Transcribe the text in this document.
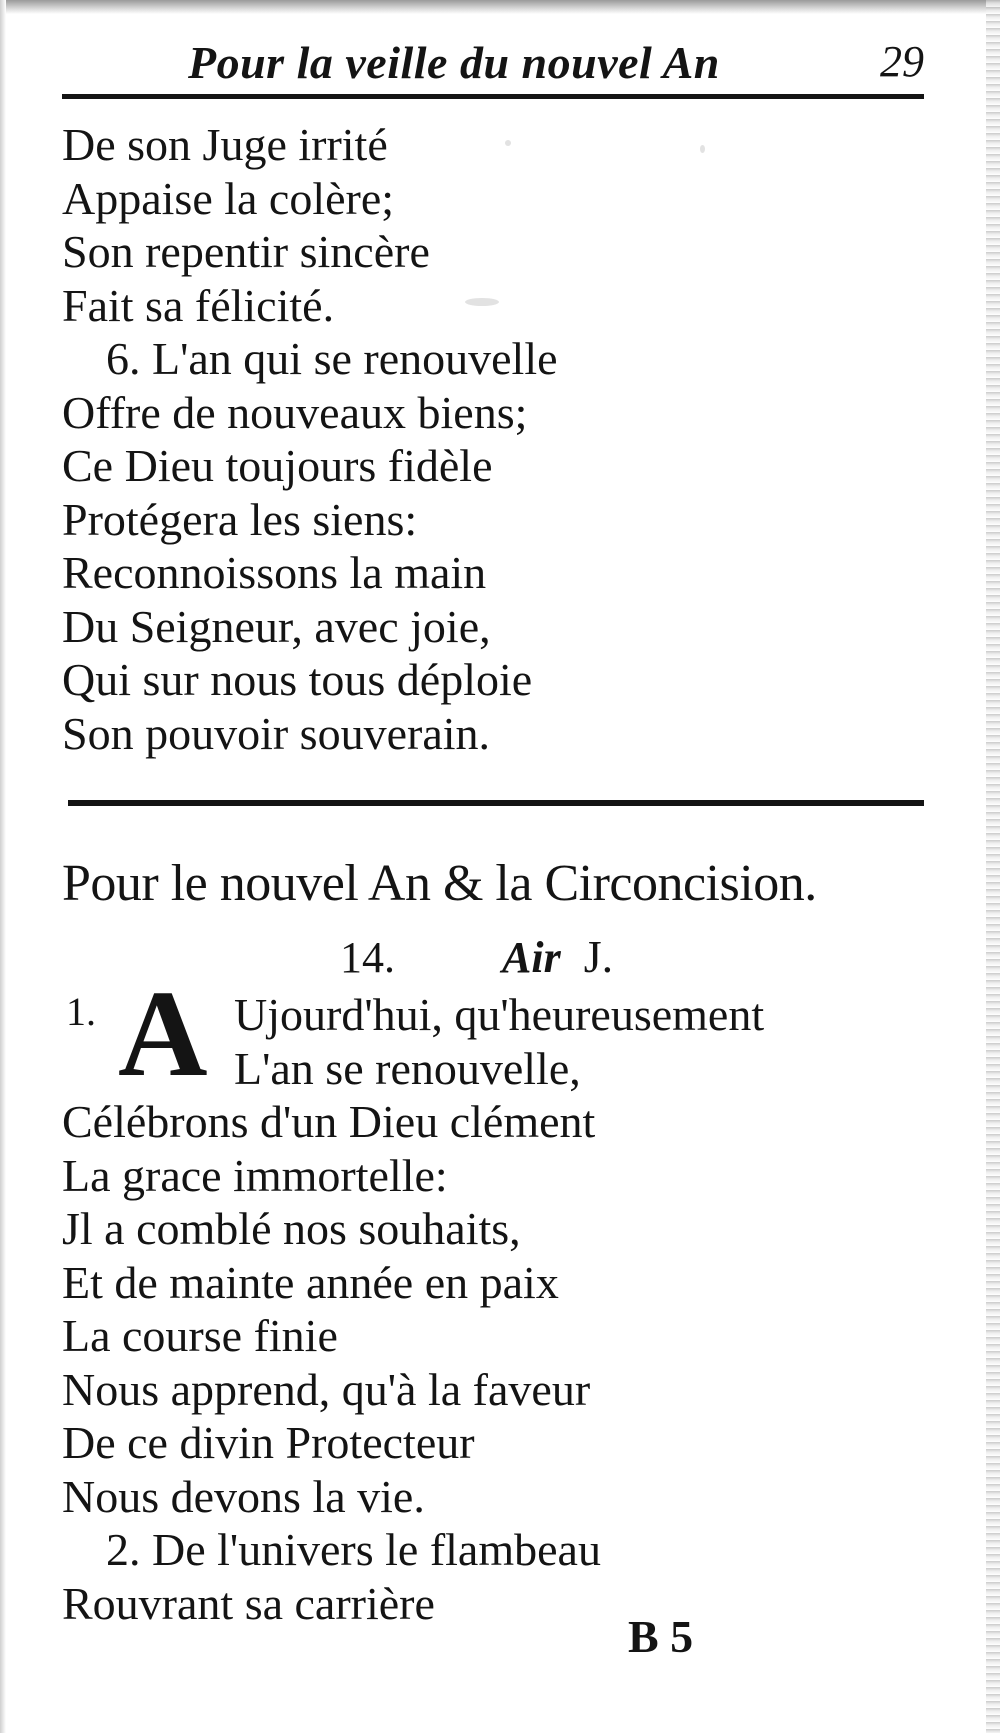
Pour la veille du nouvel An	29
De son Juge irrité
Appaise la colère;
Son repentir sincère
Fait sa félicité.
6. L'an qui se renouvelle
Offre de nouveaux biens;
Ce Dieu toujours fidèle
Protégera les siens:
Reconnoissons la main
Du Seigneur, avec joie,
Qui sur nous tous déploie
Son pouvoir souverain.
Pour le nouvel An & la Circoncision.
14. Air J.
1. A Ujourd'hui, qu'heureusement
L'an se renouvelle,
Célébrons d'un Dieu clément
La grace immortelle:
Jl a comblé nos souhaits,
Et de mainte année en paix
La course finie
Nous apprend, qu'à la faveur
De ce divin Protecteur
Nous devons la vie.
2. De l'univers le flambeau
Rouvrant sa carrière
B 5
